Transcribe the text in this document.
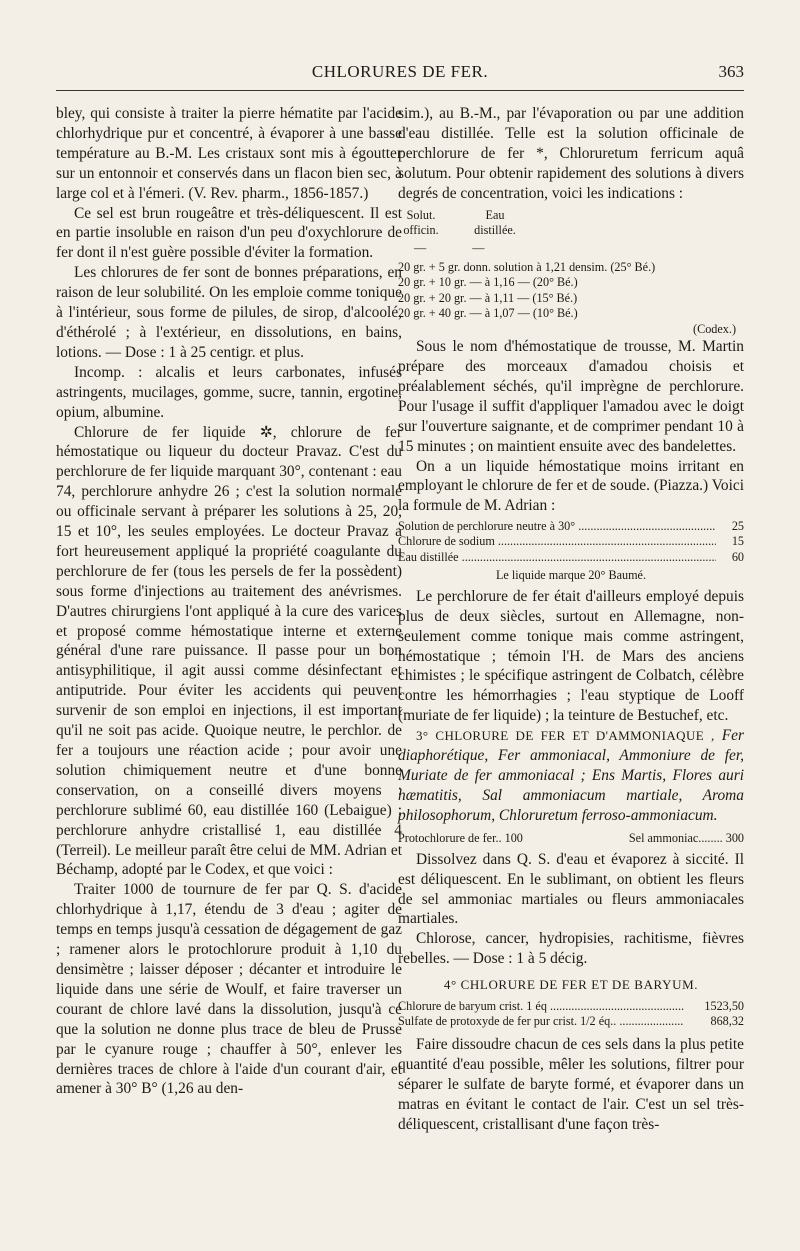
CHLORURES DE FER.	363

bley, qui consiste à traiter la pierre hématite par l'acide chlorhydrique pur et concentré, à évaporer à une basse température au B.-M. Les cristaux sont mis à égoutter sur un entonnoir et conservés dans un flacon bien sec, à large col et à l'émeri. (V. Rev. pharm., 1856-1857.)

Ce sel est brun rougeâtre et très-déliquescent. Il est en partie insoluble en raison d'un peu d'oxychlorure de fer dont il n'est guère possible d'éviter la formation.

Les chlorures de fer sont de bonnes préparations, en raison de leur solubilité. On les emploie comme tonique à l'intérieur, sous forme de pilules, de sirop, d'alcoolé, d'éthérolé ; à l'extérieur, en dissolutions, en bains, lotions. — Dose : 1 à 25 centigr. et plus.

Incomp. : alcalis et leurs carbonates, infusés astringents, mucilages, gomme, sucre, tannin, ergotine, opium, albumine.

Chlorure de fer liquide ✲, chlorure de fer hémostatique ou liqueur du docteur Pravaz. C'est du perchlorure de fer liquide marquant 30°, contenant : eau 74, perchlorure anhydre 26 ; c'est la solution normale ou officinale servant à préparer les solutions à 25, 20, 15 et 10°, les seules employées. Le docteur Pravaz a fort heureusement appliqué la propriété coagulante du perchlorure de fer (tous les persels de fer la possèdent) sous forme d'injections au traitement des anévrismes. D'autres chirurgiens l'ont appliqué à la cure des varices et proposé comme hémostatique interne et externe général d'une rare puissance. Il passe pour un bon antisyphilitique, il agit aussi comme désinfectant et antiputride. Pour éviter les accidents qui peuvent survenir de son emploi en injections, il est important qu'il ne soit pas acide. Quoique neutre, le perchlor. de fer a toujours une réaction acide ; pour avoir une solution chimiquement neutre et d'une bonne conservation, on a conseillé divers moyens : perchlorure sublimé 60, eau distillée 160 (Lebaigue) ; perchlorure anhydre cristallisé 1, eau distillée 4 (Terreil). Le meilleur paraît être celui de MM. Adrian et Béchamp, adopté par le Codex, et que voici :

Traiter 1000 de tournure de fer par Q. S. d'acide chlorhydrique à 1,17, étendu de 3 d'eau ; agiter de temps en temps jusqu'à cessation de dégagement de gaz ; ramener alors le protochlorure produit à 1,10 du densimètre ; laisser déposer ; décanter et introduire le liquide dans une série de Woulf, et faire traverser un courant de chlore lavé dans la dissolution, jusqu'à ce que la solution ne donne plus trace de bleu de Prusse par le cyanure rouge ; chauffer à 50°, enlever les dernières traces de chlore à l'aide d'un courant d'air, et amener à 30° B° (1,26 au den-

sim.), au B.-M., par l'évaporation ou par une addition d'eau distillée. Telle est la solution officinale de perchlorure de fer *, Chloruretum ferricum aquâ solutum. Pour obtenir rapidement des solutions à divers degrés de concentration, voici les indications :

Solut. officin.
Eau distillée.
—	—
20 gr. + 5 gr. donn. solution à 1,21 densim. (25° Bé.)
20 gr. + 10 gr. — à 1,16 — (20° Bé.)
20 gr. + 20 gr. — à 1,11 — (15° Bé.)
20 gr. + 40 gr. — à 1,07 — (10° Bé.)
(Codex.)

Sous le nom d'hémostatique de trousse, M. Martin prépare des morceaux d'amadou choisis et préalablement séchés, qu'il imprègne de perchlorure. Pour l'usage il suffit d'appliquer l'amadou avec le doigt sur l'ouverture saignante, et de comprimer pendant 10 à 15 minutes ; on maintient ensuite avec des bandelettes.

On a un liquide hémostatique moins irritant en employant le chlorure de fer et de soude. (Piazza.) Voici la formule de M. Adrian :

Solution de perchlorure neutre à 30° .....	25
Chlorure de sodium .....	15
Eau distillée .....	60
Le liquide marque 20° Baumé.

Le perchlorure de fer était d'ailleurs employé depuis plus de deux siècles, surtout en Allemagne, non-seulement comme tonique mais comme astringent, hémostatique ; témoin l'H. de Mars des anciens chimistes ; le spécifique astringent de Colbatch, célèbre contre les hémorrhagies ; l'eau styptique de Looff (muriate de fer liquide) ; la teinture de Bestuchef, etc.

3° CHLORURE DE FER ET D'AMMONIAQUE , Fer diaphorétique, Fer ammoniacal, Ammoniure de fer, Muriate de fer ammoniacal ; Ens Martis, Flores auri hæmatitis, Sal ammoniacum martiale, Aroma philosophorum, Chloruretum ferroso-ammoniacum.

Protochlorure de fer.. 100	Sel ammoniac........ 300

Dissolvez dans Q. S. d'eau et évaporez à siccité. Il est déliquescent. En le sublimant, on obtient les fleurs de sel ammoniac martiales ou fleurs ammoniacales martiales.

Chlorose, cancer, hydropisies, rachitisme, fièvres rebelles. — Dose : 1 à 5 décig.

4° CHLORURE DE FER ET DE BARYUM.
Chlorure de baryum crist. 1 éq .....	1523,50
Sulfate de protoxyde de fer pur crist. 1/2 éq.. .....	868,32

Faire dissoudre chacun de ces sels dans la plus petite quantité d'eau possible, mêler les solutions, filtrer pour séparer le sulfate de baryte formé, et évaporer dans un matras en évitant le contact de l'air. C'est un sel très-déliquescent, cristallisant d'une façon très-
